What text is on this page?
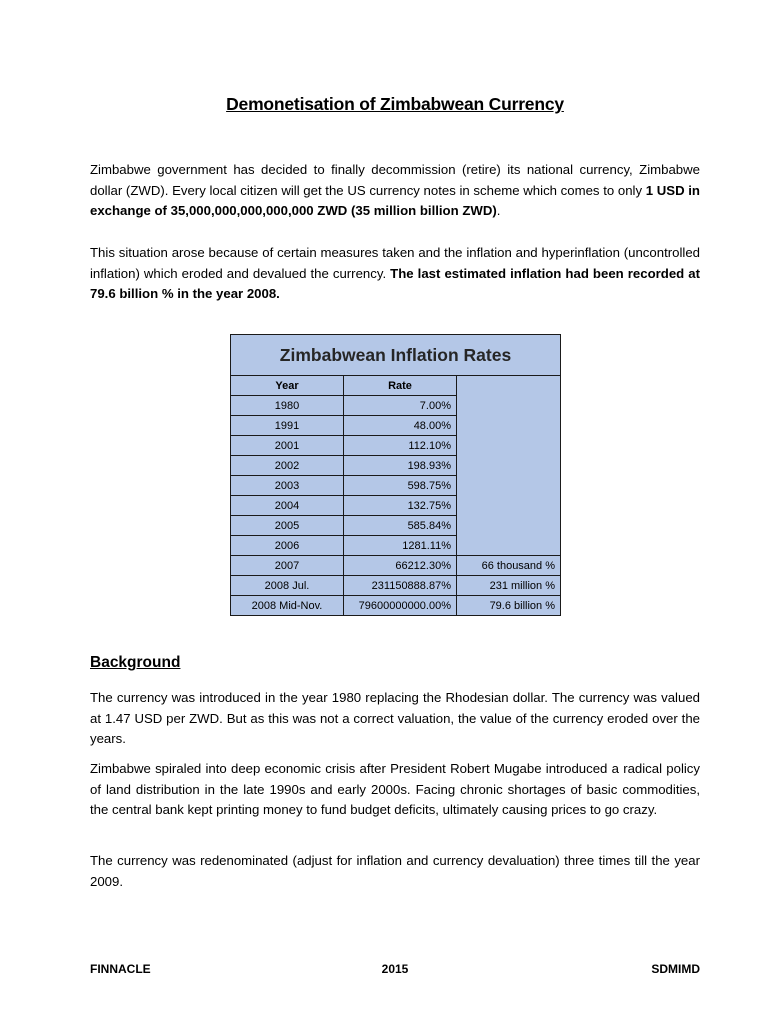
Demonetisation of Zimbabwean Currency
Zimbabwe government has decided to finally decommission (retire) its national currency, Zimbabwe dollar (ZWD). Every local citizen will get the US currency notes in scheme which comes to only 1 USD in exchange of 35,000,000,000,000,000 ZWD (35 million billion ZWD).
This situation arose because of certain measures taken and the inflation and hyperinflation (uncontrolled inflation) which eroded and devalued the currency. The last estimated inflation had been recorded at 79.6 billion % in the year 2008.
Zimbabwean Inflation Rates		
Year	Rate	
1980	7.00%	
1991	48.00%	
2001	112.10%	
2002	198.93%	
2003	598.75%	
2004	132.75%	
2005	585.84%	
2006	1281.11%	
2007	66212.30%	66 thousand %
2008 Jul.	231150888.87%	231 million %
2008 Mid-Nov.	79600000000.00%	79.6 billion %
Background
The currency was introduced in the year 1980 replacing the Rhodesian dollar. The currency was valued at 1.47 USD per ZWD. But as this was not a correct valuation, the value of the currency eroded over the years.
Zimbabwe spiraled into deep economic crisis after President Robert Mugabe introduced a radical policy of land distribution in the late 1990s and early 2000s. Facing chronic shortages of basic commodities, the central bank kept printing money to fund budget deficits, ultimately causing prices to go crazy.
The currency was redenominated (adjust for inflation and currency devaluation) three times till the year 2009.
FINNACLE	2015	SDMIMD
